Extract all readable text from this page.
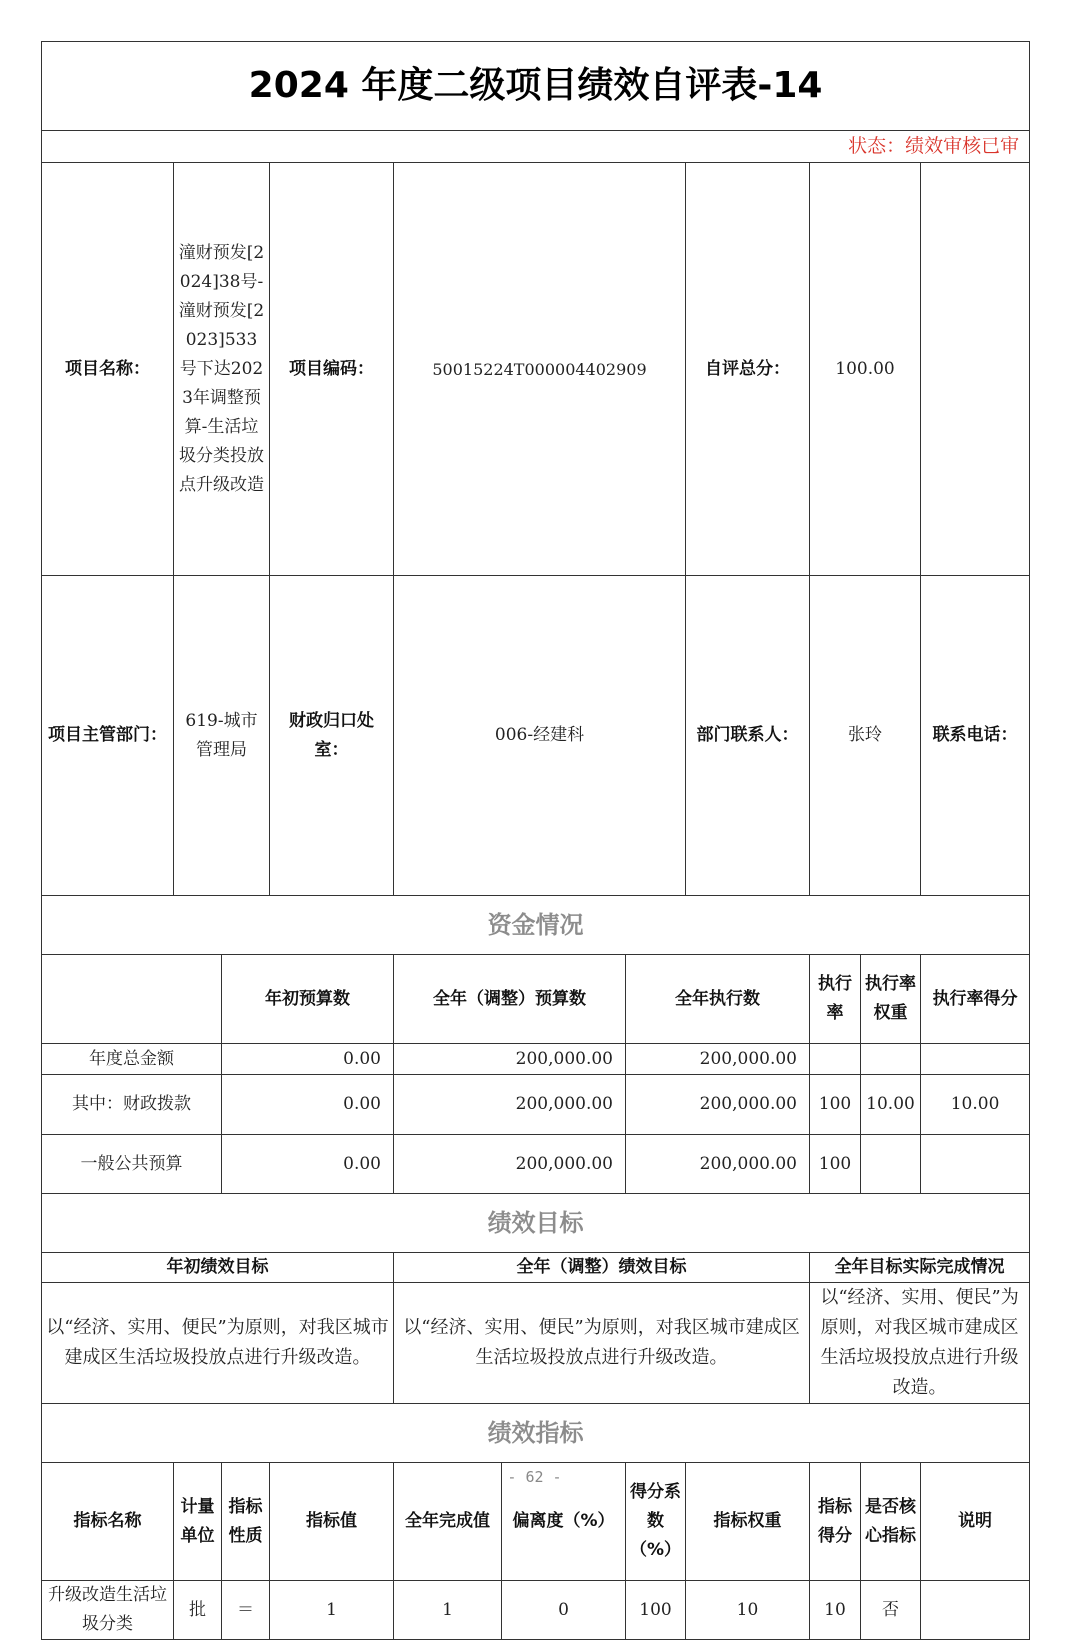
2024 年度二级项目绩效自评表-14											
状态：绩效审核已审											
项目名称：	潼财预发[2024]38号-潼财预发[2023]533号下达2023年调整预算-生活垃圾分类投放点升级改造		项目编码：	50015224T000004402909			自评总分：	100.00			
项目主管部门：	619-城市管理局		财政归口处室：	006-经建科			部门联系人：	张玲		联系电话：	
资金情况											
		年初预算数		全年（调整）预算数		全年执行数		执行率	执行率权重	执行率得分	
年度总金额		0.00		200,000.00		200,000.00					
其中：财政拨款		0.00		200,000.00		200,000.00		100	10.00	10.00	
一般公共预算		0.00		200,000.00		200,000.00		100			
绩效目标											
年初绩效目标				全年（调整）绩效目标				全年目标实际完成情况			
以“经济、实用、便民”为原则，对我区城市建成区生活垃圾投放点进行升级改造。				以“经济、实用、便民”为原则，对我区城市建成区生活垃圾投放点进行升级改造。				以“经济、实用、便民”为原则，对我区城市建成区生活垃圾投放点进行升级改造。			
绩效指标											
指标名称	计量单位	指标性质	指标值	全年完成值	偏离度（%）	得分系数（%）	指标权重	指标得分	是否核心指标	说明	
升级改造生活垃圾分类	批	＝	1	1	0	100	10	10	否		
- 62 -
